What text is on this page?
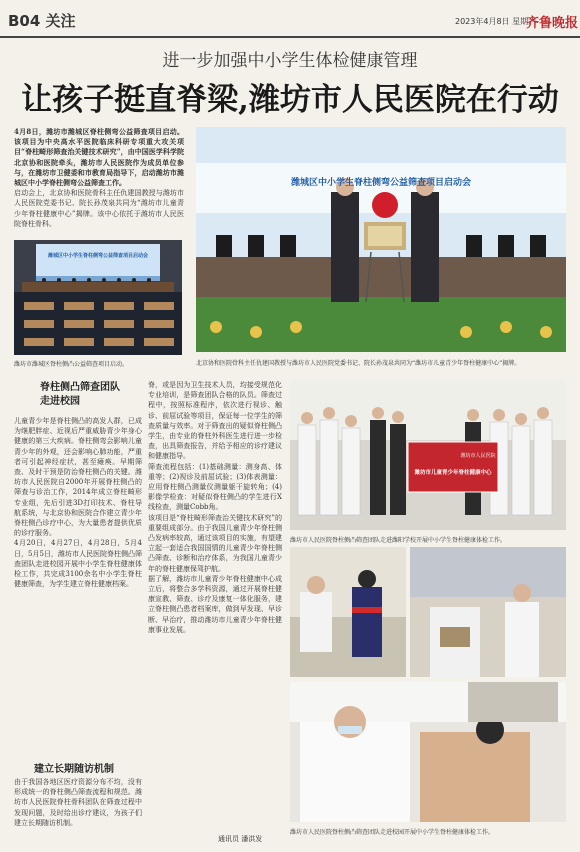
B04 关注	2023年4月8日 星期六
齐鲁晚报
进一步加强中小学生体检健康管理
让孩子挺直脊梁,潍坊市人民医院在行动
4月8日，潍坊市潍城区脊柱侧弯公益筛查项目启动。该项目为中央高水平医院临床科研专项重大攻关项目“脊柱畸形筛查治关键技术研究”，由中国医学科学院北京协和医院牵头，潍坊市人民医院作为成员单位参与，在潍坊市卫健委和市教育局指导下，启动潍坊市潍城区中小学脊柱侧弯公益筛查工作。
启动会上，北京协和医院骨科主任仇建国教授与潍坊市人民医院党委书记、院长孙茂泉共同为“潍坊市儿童青少年脊柱健康中心”揭牌。该中心依托于潍坊市人民医院脊柱骨科。
潍城区中小学生脊柱侧弯公益筛查项目启动会
潍坊市潍城区脊柱侧凸公益筛查项目启动。
潍城区中小学生脊柱侧弯公益筛查项目启动会
北京协和医院骨科主任仇建国教授与潍坊市人民医院党委书记、院长孙茂泉共同为“潍坊市儿童青少年脊柱健康中心”揭牌。
脊柱侧凸筛查团队
走进校园
儿童青少年是脊柱侧凸的高发人群，已成为继肥胖症、近视后严重威胁青少年身心健康的第三大疾病。脊柱侧弯会影响儿童青少年的外观，还会影响心肺功能，严重者可引起神经症状，甚至瘫痪。早期筛查、及时干预是防治脊柱侧凸的关键。潍坊市人民医院自2000年开展脊柱侧凸的筛查与诊治工作，2014年成立脊柱畸形专业组，先后引进3D打印技术、脊柱导航系统，与北京协和医院合作建立青少年脊柱侧凸诊疗中心，为大量患者提供优质的诊疗服务。
4月20日，4月27日，4月28日，5月4日，5月5日，潍坊市人民医院脊柱侧凸筛查团队走进校园开展中小学生脊柱健康体检工作，共完成3100余名中小学生脊柱健康筛查，为学生建立脊柱健康档案。
建立长期随访机制
由于我国各地区医疗资源分布不均，没有形成统一的脊柱侧凸筛查流程和规范。潍坊市人民医院脊柱骨科团队在筛查过程中发现问题，及时给出诊疗建议，为孩子们建立长期随访机制。
脊，或是因为卫生技术人员，均接受规范化专业培训，是筛查团队合格的队员。筛查过程中，按照标准程序，依次进行视诊、触诊、前屈试验等项目，保证每一位学生的筛查质量与效率。对于筛查出的疑似脊柱侧凸学生，由专业的脊柱外科医生进行进一步检查，出具筛查报告，并给予相应的诊疗建议和健康指导。
筛查流程包括：(1)基础测量：测身高、体重等；(2)视诊及前屈试验；(3)体表测量：应用脊柱侧凸测量仪测量躯干旋转角；(4)影像学检查：对疑似脊柱侧凸的学生进行X线检查，测量Cobb角。
该项目是“脊柱畸形筛查治关键技术研究”的重要组成部分。由于我国儿童青少年脊柱侧凸发病率较高，通过该项目的实施，有望建立起一套适合我国国情的儿童青少年脊柱侧凸筛查、诊断和治疗体系，为我国儿童青少年的脊柱健康保驾护航。
据了解，潍坊市儿童青少年脊柱健康中心成立后，将整合多学科资源，通过开展脊柱健康宣教、筛查、诊疗及康复一体化服务，建立脊柱侧凸患者档案库，做到早发现、早诊断、早治疗，推动潍坊市儿童青少年脊柱健康事业发展。
通讯员 潘洪发
潍坊市人民医院
潍坊市儿童青少年脊柱健康中心
潍坊市人民医院脊柱侧凸筛查团队走进潍阳学校开展中小学生脊柱健康体检工作。
潍坊市人民医院脊柱侧凸筛查团队走进校园开展中小学生脊柱健康体检工作。
